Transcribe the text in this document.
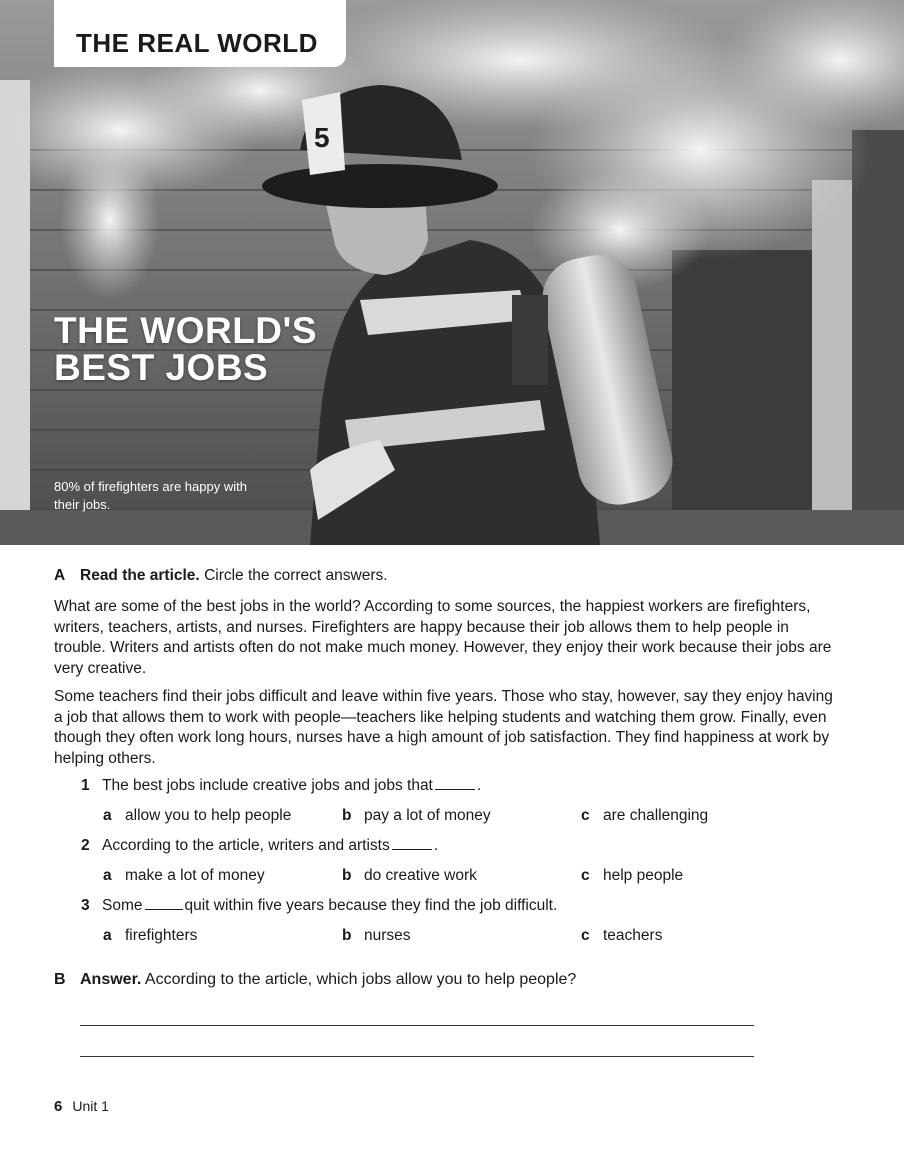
5
THE REAL WORLD
THE WORLD'S
BEST JOBS
80% of firefighters are happy with their jobs.

A Read the article. Circle the correct answers.

What are some of the best jobs in the world? According to some sources, the happiest workers are firefighters, writers, teachers, artists, and nurses. Firefighters are happy because their job allows them to help people in trouble. Writers and artists often do not make much money. However, they enjoy their work because their jobs are very creative.

Some teachers find their jobs difficult and leave within five years. Those who stay, however, say they enjoy having a job that allows them to work with people—teachers like helping students and watching them grow. Finally, even though they often work long hours, nurses have a high amount of job satisfaction. They find happiness at work by helping others.

1 The best jobs include creative jobs and jobs that	.
a allow you to help people	b pay a lot of money	c are challenging
2 According to the article, writers and artists	.
a make a lot of money	b do creative work	c help people
3 Some	quit within five years because they find the job difficult.
a firefighters	b nurses	c teachers

B Answer. According to the article, which jobs allow you to help people?

6 Unit 1
